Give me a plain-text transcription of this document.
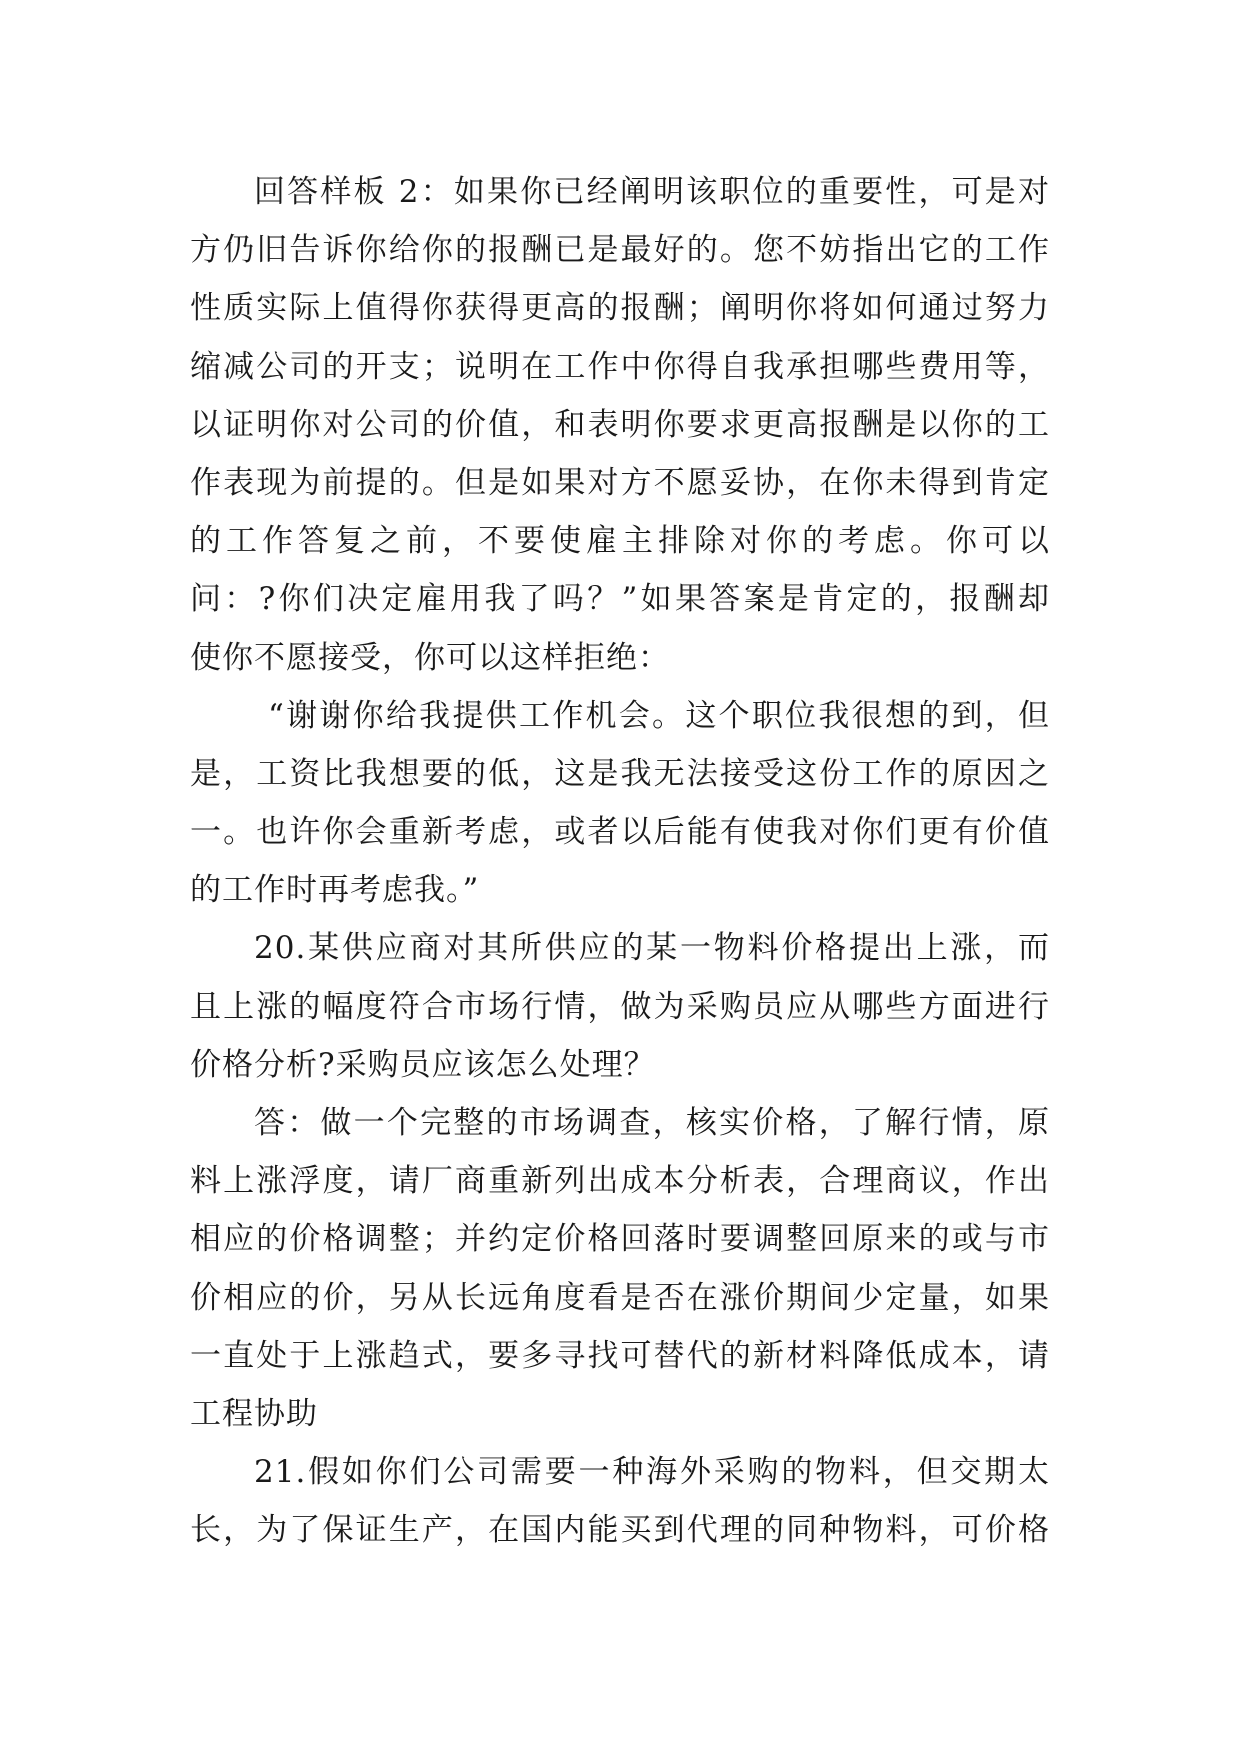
回答样板 2：如果你已经阐明该职位的重要性，可是对
方仍旧告诉你给你的报酬已是最好的。您不妨指出它的工作
性质实际上值得你获得更高的报酬；阐明你将如何通过努力
缩减公司的开支；说明在工作中你得自我承担哪些费用等，
以证明你对公司的价值，和表明你要求更高报酬是以你的工
作表现为前提的。但是如果对方不愿妥协，在你未得到肯定
的工作答复之前，不要使雇主排除对你的考虑。你可以
问：?你们决定雇用我了吗？”如果答案是肯定的，报酬却
使你不愿接受，你可以这样拒绝：
“谢谢你给我提供工作机会。这个职位我很想的到，但
是，工资比我想要的低，这是我无法接受这份工作的原因之
一。也许你会重新考虑，或者以后能有使我对你们更有价值
的工作时再考虑我。”
20.某供应商对其所供应的某一物料价格提出上涨，而
且上涨的幅度符合市场行情，做为采购员应从哪些方面进行
价格分析?采购员应该怎么处理？
答：做一个完整的市场调查，核实价格，了解行情，原
料上涨浮度，请厂商重新列出成本分析表，合理商议，作出
相应的价格调整；并约定价格回落时要调整回原来的或与市
价相应的价，另从长远角度看是否在涨价期间少定量，如果
一直处于上涨趋式，要多寻找可替代的新材料降低成本，请
工程协助
21.假如你们公司需要一种海外采购的物料，但交期太
长，为了保证生产，在国内能买到代理的同种物料，可价格
